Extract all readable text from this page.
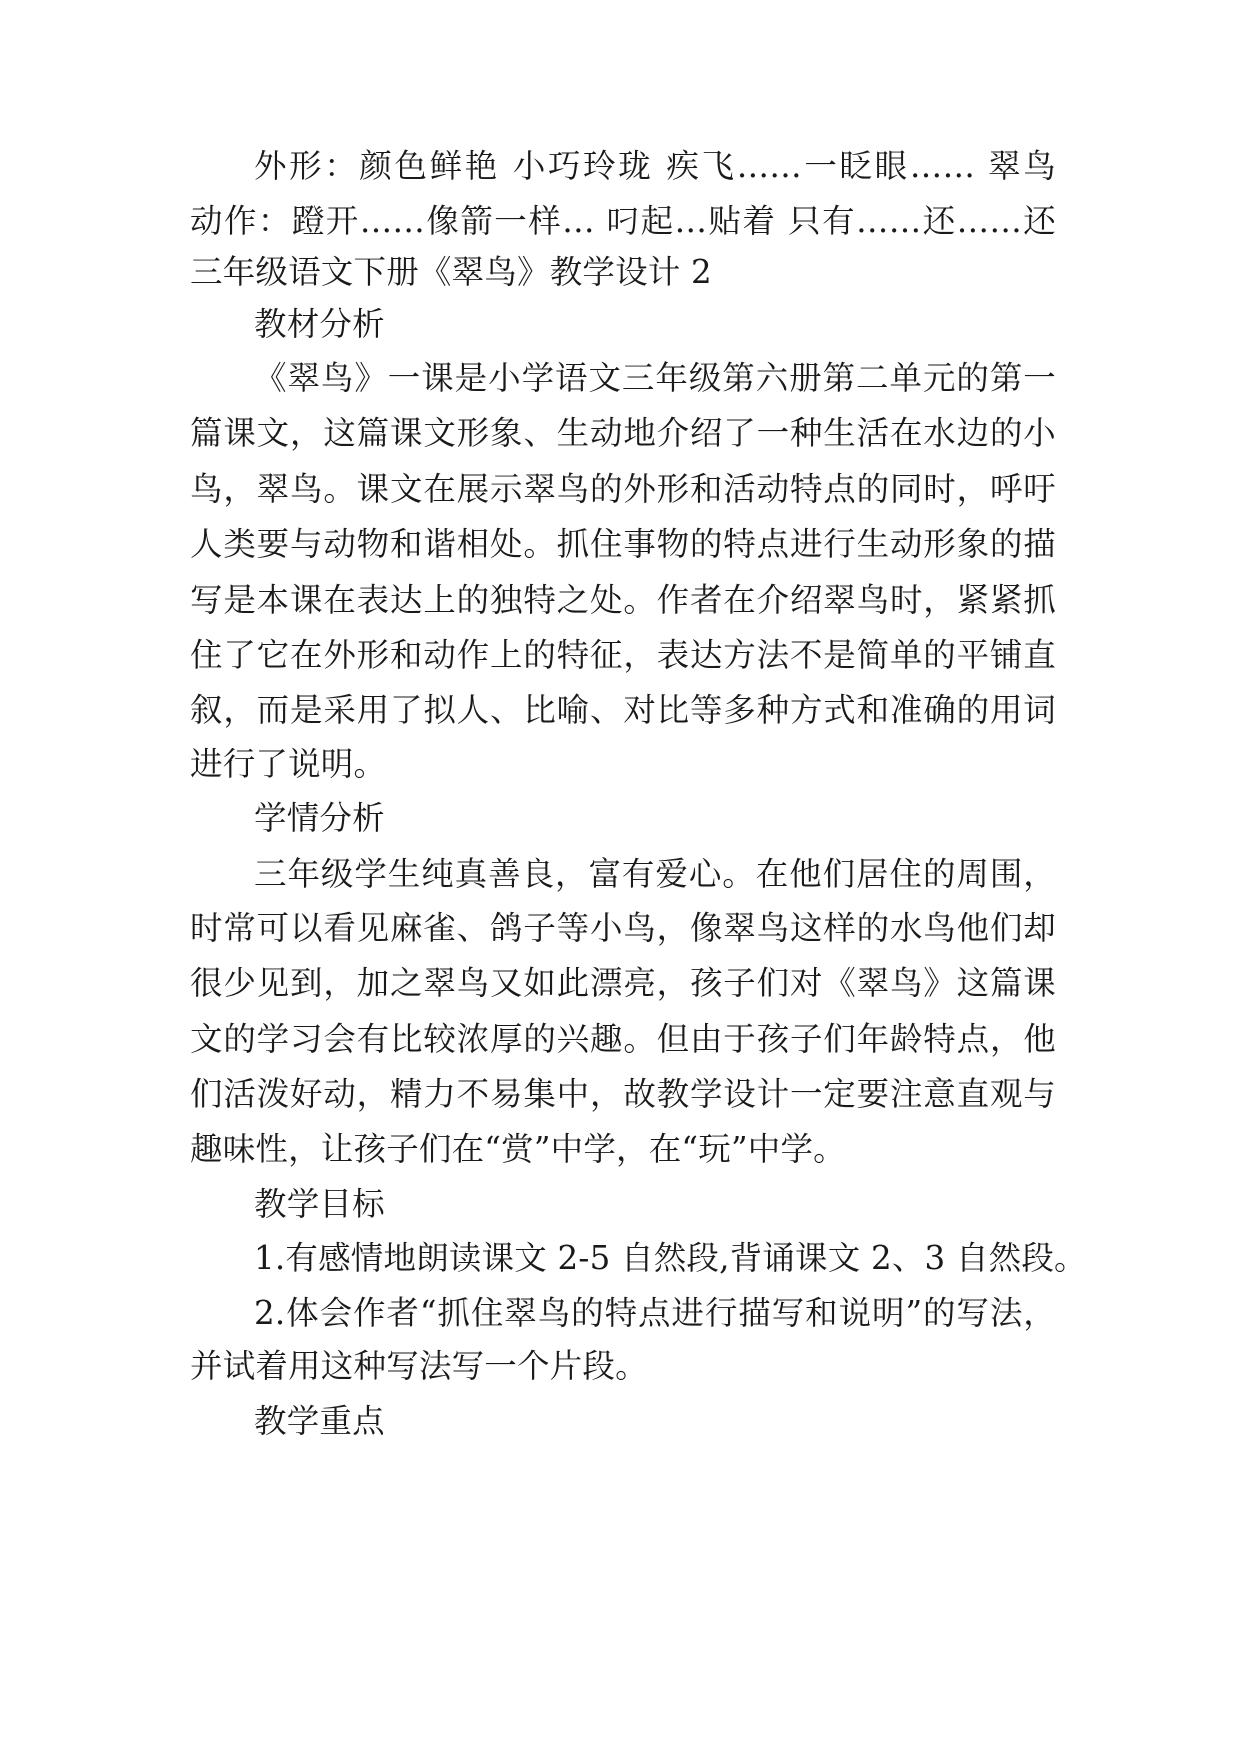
外形：颜色鲜艳 小巧玲珑 疾飞……一眨眼…… 翠鸟
动作：蹬开……像箭一样… 叼起…贴着 只有……还……还
三年级语文下册《翠鸟》教学设计 2
教材分析
《翠鸟》一课是小学语文三年级第六册第二单元的第一
篇课文，这篇课文形象、生动地介绍了一种生活在水边的小
鸟，翠鸟。课文在展示翠鸟的外形和活动特点的同时，呼吁
人类要与动物和谐相处。抓住事物的特点进行生动形象的描
写是本课在表达上的独特之处。作者在介绍翠鸟时，紧紧抓
住了它在外形和动作上的特征，表达方法不是简单的平铺直
叙，而是采用了拟人、比喻、对比等多种方式和准确的用词
进行了说明。
学情分析
三年级学生纯真善良，富有爱心。在他们居住的周围，
时常可以看见麻雀、鸽子等小鸟，像翠鸟这样的水鸟他们却
很少见到，加之翠鸟又如此漂亮，孩子们对《翠鸟》这篇课
文的学习会有比较浓厚的兴趣。但由于孩子们年龄特点，他
们活泼好动，精力不易集中，故教学设计一定要注意直观与
趣味性，让孩子们在“赏”中学，在“玩”中学。
教学目标
1.有感情地朗读课文 2-5 自然段,背诵课文 2、3 自然段。
2.体会作者“抓住翠鸟的特点进行描写和说明”的写法，
并试着用这种写法写一个片段。
教学重点
